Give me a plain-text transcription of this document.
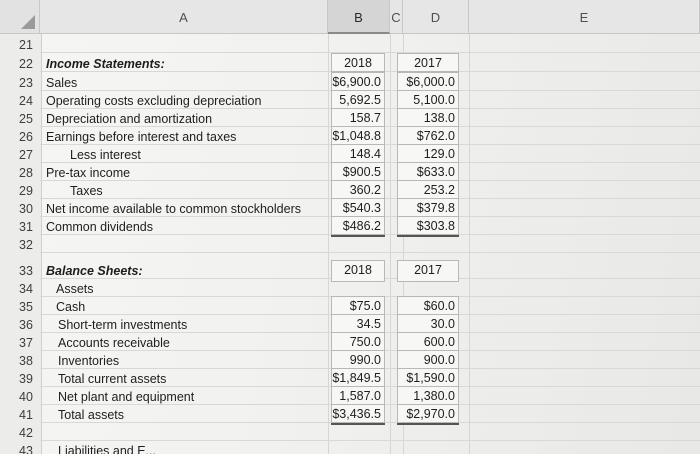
A	B	C	D	E
21
22	Income Statements:	2018	2017
23	Sales	$6,900.0	$6,000.0
24	Operating costs excluding depreciation	5,692.5	5,100.0
25	Depreciation and amortization	158.7	138.0
26	Earnings before interest and taxes	$1,048.8	$762.0
27	Less interest	148.4	129.0
28	Pre-tax income	$900.5	$633.0
29	Taxes	360.2	253.2
30	Net income available to common stockholders	$540.3	$379.8
31	Common dividends	$486.2	$303.8
32
33	Balance Sheets:	2018	2017
34	Assets
35	Cash	$75.0	$60.0
36	Short-term investments	34.5	30.0
37	Accounts receivable	750.0	600.0
38	Inventories	990.0	900.0
39	Total current assets	$1,849.5	$1,590.0
40	Net plant and equipment	1,587.0	1,380.0
41	Total assets	$3,436.5	$2,970.0
42
43	Liabilities and E...
